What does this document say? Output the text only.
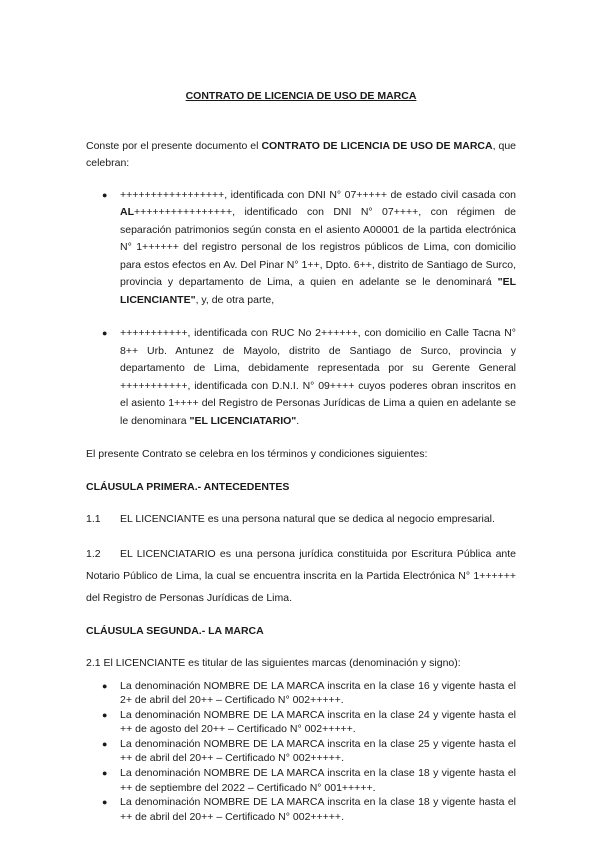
CONTRATO DE LICENCIA DE USO DE MARCA

Conste por el presente documento el CONTRATO DE LICENCIA DE USO DE MARCA, que celebran:

● +++++++++++++++++, identificada con DNI N° 07+++++ de estado civil casada con AL++++++++++++++++, identificado con DNI N° 07++++, con régimen de separación patrimonios según consta en el asiento A00001 de la partida electrónica N° 1++++++ del registro personal de los registros públicos de Lima, con domicilio para estos efectos en Av. Del Pinar N° 1++, Dpto. 6++, distrito de Santiago de Surco, provincia y departamento de Lima, a quien en adelante se le denominará "EL LICENCIANTE", y, de otra parte,
● +++++++++++, identificada con RUC No 2++++++, con domicilio en Calle Tacna N° 8++ Urb. Antunez de Mayolo, distrito de Santiago de Surco, provincia y departamento de Lima, debidamente representada por su Gerente General +++++++++++, identificada con D.N.I. N° 09++++ cuyos poderes obran inscritos en el asiento 1++++ del Registro de Personas Jurídicas de Lima a quien en adelante se le denominara "EL LICENCIATARIO".

El presente Contrato se celebra en los términos y condiciones siguientes:

CLÁUSULA PRIMERA.- ANTECEDENTES

1.1 EL LICENCIANTE es una persona natural que se dedica al negocio empresarial.

1.2 EL LICENCIATARIO es una persona jurídica constituida por Escritura Pública ante Notario Público de Lima, la cual se encuentra inscrita en la Partida Electrónica N° 1++++++ del Registro de Personas Jurídicas de Lima.

CLÁUSULA SEGUNDA.- LA MARCA

2.1 El LICENCIANTE es titular de las siguientes marcas (denominación y signo):

● La denominación NOMBRE DE LA MARCA inscrita en la clase 16 y vigente hasta el 2+ de abril del 20++ – Certificado N° 002+++++.
● La denominación NOMBRE DE LA MARCA inscrita en la clase 24 y vigente hasta el ++ de agosto del 20++ – Certificado N° 002+++++.
● La denominación NOMBRE DE LA MARCA inscrita en la clase 25 y vigente hasta el ++ de abril del 20++ – Certificado N° 002+++++.
● La denominación NOMBRE DE LA MARCA inscrita en la clase 18 y vigente hasta el ++ de septiembre del 2022 – Certificado N° 001+++++.
● La denominación NOMBRE DE LA MARCA inscrita en la clase 18 y vigente hasta el ++ de abril del 20++ – Certificado N° 002+++++.
